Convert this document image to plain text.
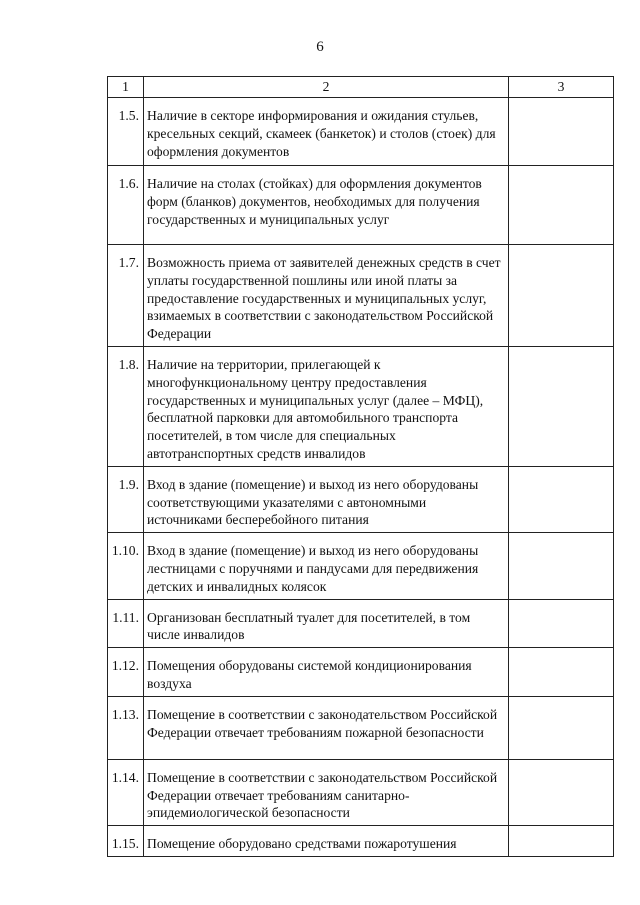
6
1	2	3
1.5.	Наличие в секторе информирования и ожидания стульев, кресельных секций, скамеек (банкеток) и столов (стоек) для оформления документов	
1.6.	Наличие на столах (стойках) для оформления документов форм (бланков) документов, необходимых для получения государственных и муниципальных услуг	
1.7.	Возможность приема от заявителей денежных средств в счет уплаты государственной пошлины или иной платы за предоставление государственных и муниципальных услуг, взимаемых в соответствии с законодательством Российской Федерации	
1.8.	Наличие на территории, прилегающей к многофункциональному центру предоставления государственных и муниципальных услуг (далее – МФЦ), бесплатной парковки для автомобильного транспорта посетителей, в том числе для специальных автотранспортных средств инвалидов	
1.9.	Вход в здание (помещение) и выход из него оборудованы соответствующими указателями с автономными источниками бесперебойного питания	
1.10.	Вход в здание (помещение) и выход из него оборудованы лестницами с поручнями и пандусами для передвижения детских и инвалидных колясок	
1.11.	Организован бесплатный туалет для посетителей, в том числе инвалидов	
1.12.	Помещения оборудованы системой кондиционирования воздуха	
1.13.	Помещение в соответствии с законодательством Российской Федерации отвечает требованиям пожарной безопасности	
1.14.	Помещение в соответствии с законодательством Российской Федерации отвечает требованиям санитарно-эпидемиологической безопасности	
1.15.	Помещение оборудовано средствами пожаротушения	
